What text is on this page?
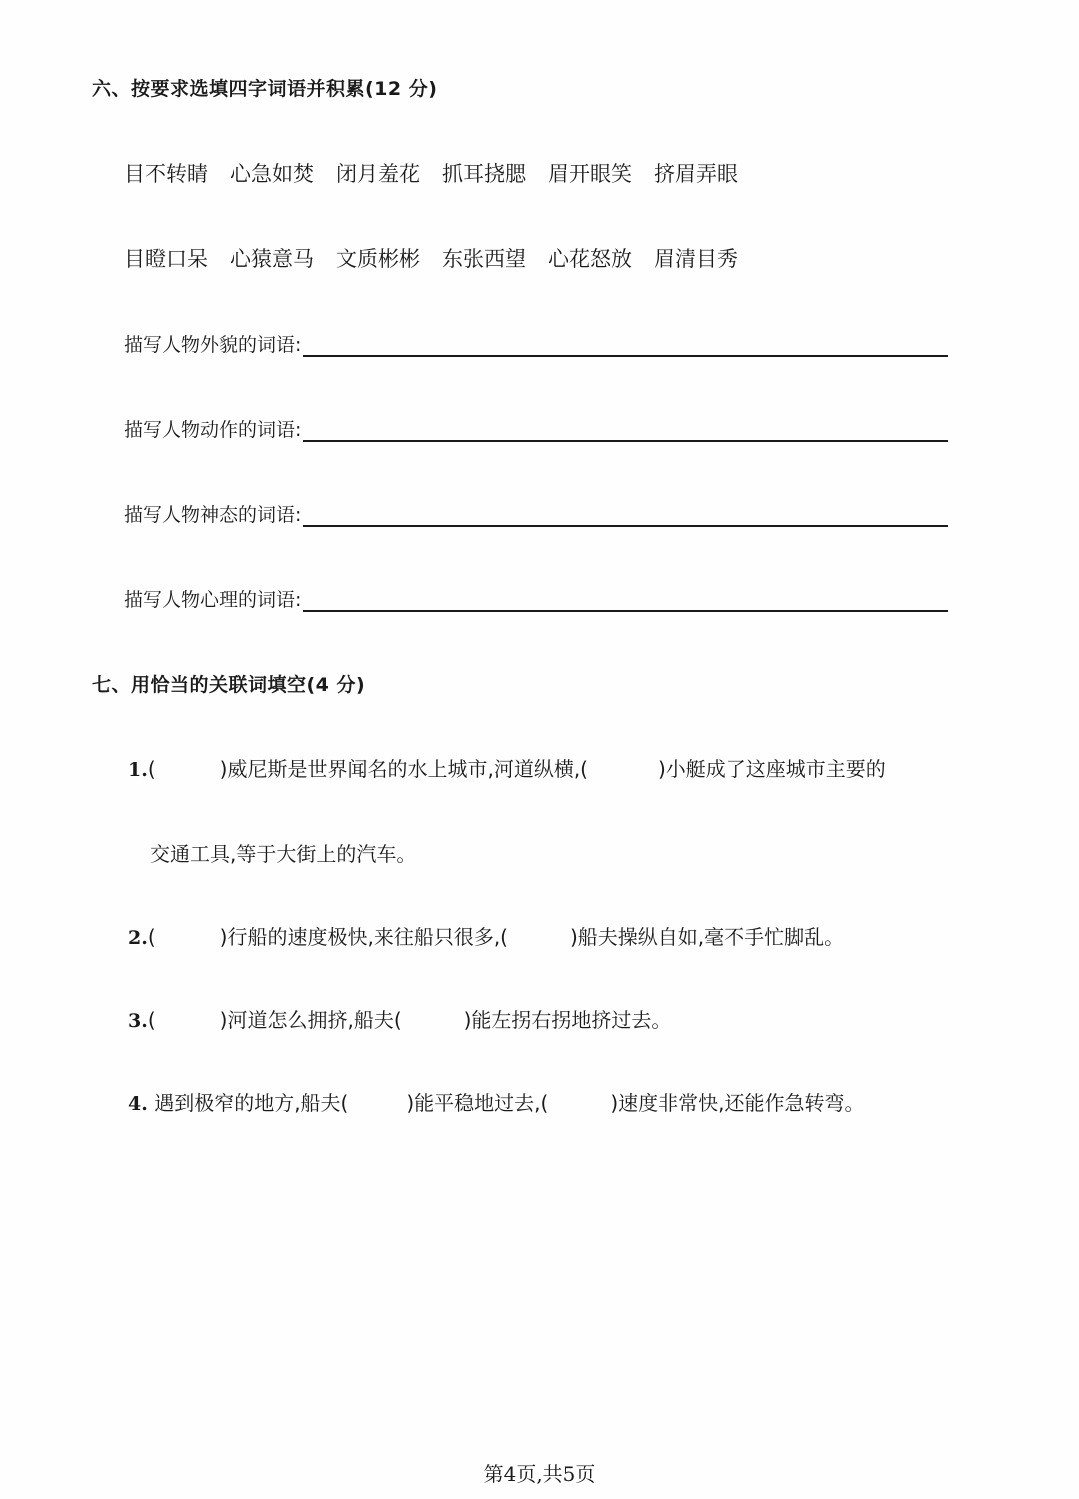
六、按要求选填四字词语并积累(12 分)
目不转睛	心急如焚	闭月羞花	抓耳挠腮	眉开眼笑	挤眉弄眼
目瞪口呆	心猿意马	文质彬彬	东张西望	心花怒放	眉清目秀
描写人物外貌的词语:
描写人物动作的词语:
描写人物神态的词语:
描写人物心理的词语:
七、用恰当的关联词填空(4 分)
1.(	)威尼斯是世界闻名的水上城市,河道纵横,(	)小艇成了这座城市主要的
交通工具,等于大街上的汽车。
2.(	)行船的速度极快,来往船只很多,(	)船夫操纵自如,毫不手忙脚乱。
3.(	)河道怎么拥挤,船夫(	)能左拐右拐地挤过去。
4. 遇到极窄的地方,船夫(	)能平稳地过去,(	)速度非常快,还能作急转弯。
第4页,共5页
